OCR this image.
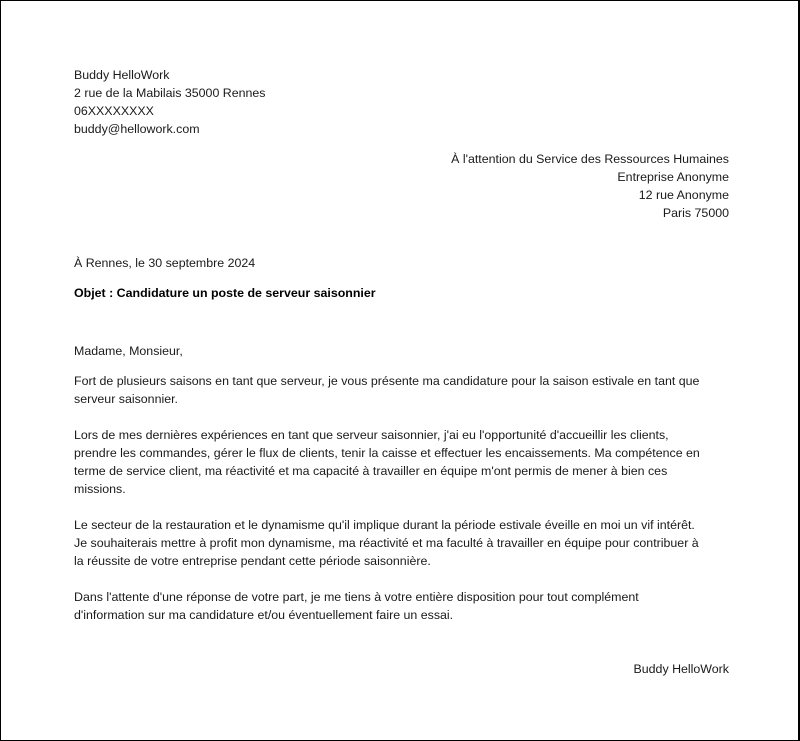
Buddy HelloWork
2 rue de la Mabilais 35000 Rennes
06XXXXXXXX
buddy@hellowork.com
À l'attention du Service des Ressources Humaines
Entreprise Anonyme
12 rue Anonyme
Paris 75000
À Rennes, le 30 septembre 2024
Objet : Candidature un poste de serveur saisonnier
Madame, Monsieur,
Fort de plusieurs saisons en tant que serveur, je vous présente ma candidature pour la saison estivale en tant que
serveur saisonnier.
Lors de mes dernières expériences en tant que serveur saisonnier, j'ai eu l'opportunité d'accueillir les clients,
prendre les commandes, gérer le flux de clients, tenir la caisse et effectuer les encaissements. Ma compétence en
terme de service client, ma réactivité et ma capacité à travailler en équipe m'ont permis de mener à bien ces
missions.
Le secteur de la restauration et le dynamisme qu'il implique durant la période estivale éveille en moi un vif intérêt.
Je souhaiterais mettre à profit mon dynamisme, ma réactivité et ma faculté à travailler en équipe pour contribuer à
la réussite de votre entreprise pendant cette période saisonnière.
Dans l'attente d'une réponse de votre part, je me tiens à votre entière disposition pour tout complément
d'information sur ma candidature et/ou éventuellement faire un essai.
Buddy HelloWork
